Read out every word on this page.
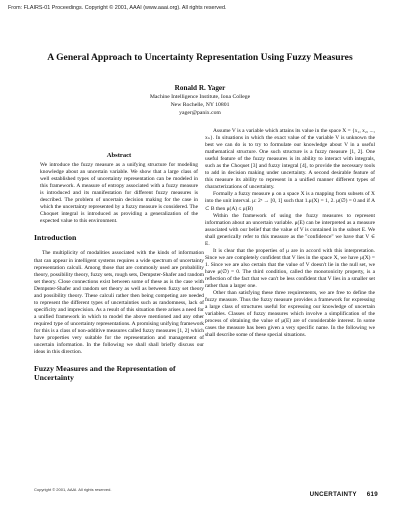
From: FLAIRS-01 Proceedings. Copyright © 2001, AAAI (www.aaai.org). All rights reserved.
A General Approach to Uncertainty Representation Using Fuzzy Measures
Ronald R. Yager
Machine Intelligence Institute, Iona College
New Rochelle, NY 10801
yager@panix.com
Abstract

We introduce the fuzzy measure as a unifying structure for modeling knowledge about an uncertain variable. We show that a large class of well established types of uncertainty representation can be modeled in this framework. A measure of entropy associated with a fuzzy measure is introduced and its manifestation for different fuzzy measures is described. The problem of uncertain decision making for the case in which the uncertainty represented by a fuzzy measure is considered. The Choquet integral is introduced as providing a generalization of the expected value to this environment.

Introduction

The multiplicity of modalities associated with the kinds of information that can appear in intelligent systems requires a wide spectrum of uncertainty representation calculi. Among those that are commonly used are probability theory, possibility theory, fuzzy sets, rough sets, Dempster-Shafer and random set theory. Close connections exist between some of these as is the case with Dempster-Shafer and random set theory as well as between fuzzy set theory and possibility theory. These calculi rather then being competing are needed to represent the different types of uncertainties such as randomness, lack of specificity and imprecision. As a result of this situation there arises a need for a unified framework in which to model the above mentioned and any other required type of uncertainty representations. A promising unifying framework for this is a class of non-additive measures called fuzzy measures [1, 2] which have properties very suitable for the representation and management of uncertain information. In the following we shall shall briefly discuss our ideas in this direction.

Fuzzy Measures and the Representation of Uncertainty

Assume V is a variable which attains its value in the space X = {x₁, x₂, ..., xₙ}. In situations in which the exact value of the variable V is unknown the best we can do is to try to formulate our knowledge about V in a useful mathematical structure. One such structure is a fuzzy measure [1, 2]. One useful feature of the fuzzy measures is its ability to interact with integrals, such as the Choquet [3] and fuzzy integral [4], to provide the necessary tools to add in decision making under uncertainty. A second desirable feature of this measure its ability to represent in a unified manner different types of characterizations of uncertainty.

Formally a fuzzy measure μ on a space X is a mapping from subsets of X into the unit interval. μ: 2ˣ → [0, 1] such that 1.μ(X) = 1, 2. μ(∅) = 0 and if A ⊂ B then μ(A) ≤ μ(B)

Within the framework of using the fuzzy measures to represent information about an uncertain variable. μ(E) can be interpreted as a measure associated with our belief that the value of V is contained in the subset E. We shall generically refer to this measure as the "confidence" we have that V ∈ E.

It is clear that the properties of μ are in accord with this interpretation. Since we are completely confident that V lies in the space X, we have μ(X) = 1. Since we are also certain that the value of V doesn't lie in the null set, we have μ(∅) = 0. The third condition, called the monotonicity property, is a reflection of the fact that we can't be less confident that V lies in a smaller set rather than a larger one.

Other than satisfying these three requirements, we are free to define the fuzzy measure. Thus the fuzzy measure provides a framework for expressing a large class of structures useful for expressing our knowledge of uncertain variables. Classes of fuzzy measures which involve a simplification of the process of obtaining the value of μ(E) are of considerable interest. In some cases the measure has been given a very specific name. In the following we shall describe some of these special situations.

Copyright © 2001, AAAI. All rights reserved.
UNCERTAINTY 619
